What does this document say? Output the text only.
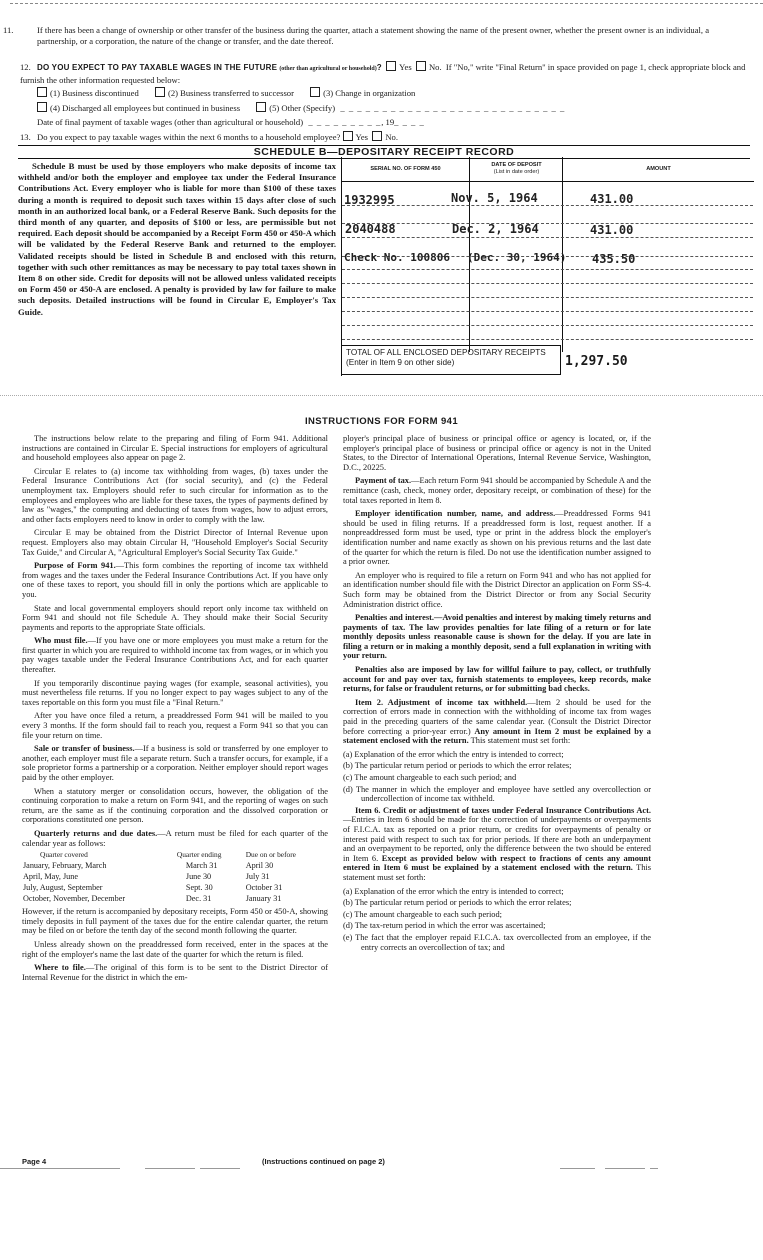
11.	If there has been a change of ownership or other transfer of the business during the quarter, attach a statement showing the name of the present owner, whether the present owner is an individual, a partnership, or a corporation, the nature of the change or transfer, and the date thereof.
12. DO YOU EXPECT TO PAY TAXABLE WAGES IN THE FUTURE (other than agricultural or household)? Yes No. If "No," write "Final Return" in space provided on page 1, check appropriate block and furnish the other information requested below:
(1) Business discontinued	(2) Business transferred to successor	(3) Change in organization
(4) Discharged all employees but continued in business	(5) Other (Specify)  _ _ _ _ _ _ _ _ _ _ _ _ _ _ _ _ _ _ _ _ _ _ _ _ _ _ _
Date of final payment of taxable wages (other than agricultural or household)  _ _ _ _ _ _ _ _ _, 19_ _ _ _
13. Do you expect to pay taxable wages within the next 6 months to a household employee? Yes No.
SCHEDULE B—DEPOSITARY RECEIPT RECORD
Schedule B must be used by those employers who make deposits of income tax withheld and/or both the employer and employee tax under the Federal Insurance Contributions Act. Every employer who is liable for more than $100 of these taxes during a month is required to deposit such taxes within 15 days after close of such month in an authorized local bank, or a Federal Reserve Bank. Such deposits for the third month of any quarter, and deposits of $100 or less, are permissible but not required. Each deposit should be accompanied by a Receipt Form 450 or 450-A which will be validated by the Federal Reserve Bank and returned to the employer. Validated receipts should be listed in Schedule B and enclosed with this return, together with such other remittances as may be necessary to pay total taxes shown in Item 8 on other side. Credit for deposits will not be allowed unless validated receipts on Form 450 or 450-A are enclosed. A penalty is provided by law for failure to make such deposits. Detailed instructions will be found in Circular E, Employer's Tax Guide.
SERIAL NO. OF FORM 450
DATE OF DEPOSIT
(List in date order)
AMOUNT
1932995	Nov. 5, 1964	431.00
2040488	Dec. 2, 1964	431.00
Check No. 100806 (Dec. 30, 1964) 435.50
TOTAL OF ALL ENCLOSED DEPOSITARY RECEIPTS (Enter in Item 9 on other side)	1,297.50
INSTRUCTIONS FOR FORM 941

The instructions below relate to the preparing and filing of Form 941. Additional instructions are contained in Circular E. Special instructions for employers of agricultural and household employees also appear on page 2.

Circular E relates to (a) income tax withholding from wages, (b) taxes under the Federal Insurance Contributions Act (for social security), and (c) the Federal unemployment tax. Employers should refer to such circular for information as to the employees and employees who are liable for these taxes, the types of payments defined by law as "wages," the computing and deducting of taxes from wages, how to adjust errors, and other facts employers need to know in order to comply with the law.

Circular E may be obtained from the District Director of Internal Revenue upon request. Employers also may obtain Circular H, "Household Employer's Social Security Tax Guide," and Circular A, "Agricultural Employer's Social Security Tax Guide."

Purpose of Form 941.—This form combines the reporting of income tax withheld from wages and the taxes under the Federal Insurance Contributions Act. If you have only one of these taxes to report, you should fill in only the portions which are applicable to you.

State and local governmental employers should report only income tax withheld on Form 941 and should not file Schedule A. They should make their Social Security payments and reports to the appropriate State officials.

Who must file.—If you have one or more employees you must make a return for the first quarter in which you are required to withhold income tax from wages, or in which you pay wages taxable under the Federal Insurance Contributions Act, and for each quarter thereafter.

If you temporarily discontinue paying wages (for example, seasonal activities), you must nevertheless file returns. If you no longer expect to pay wages subject to any of the taxes reportable on this form you must file a "Final Return."

After you have once filed a return, a preaddressed Form 941 will be mailed to you every 3 months. If the form should fail to reach you, request a Form 941 so that you can file your return on time.

Sale or transfer of business.—If a business is sold or transferred by one employer to another, each employer must file a separate return. Such a transfer occurs, for example, if a sole proprietor forms a partnership or a corporation. Neither employer should report wages paid by the other employer.

When a statutory merger or consolidation occurs, however, the obligation of the continuing corporation to make a return on Form 941, and the reporting of wages on such return, are the same as if the continuing corporation and the dissolved corporation or corporations constituted one person.

Quarterly returns and due dates.—A return must be filed for each quarter of the calendar year as follows:

Quarter covered	Quarter ending	Due on or before
January, February, March	March 31	April 30
April, May, June	June 30	July 31
July, August, September	Sept. 30	October 31
October, November, December	Dec. 31	January 31

However, if the return is accompanied by depositary receipts, Form 450 or 450-A, showing timely deposits in full payment of the taxes due for the entire calendar quarter, the return may be filed on or before the tenth day of the second month following the quarter.

Unless already shown on the preaddressed form received, enter in the spaces at the right of the employer's name the last date of the quarter for which the return is filed.

Where to file.—The original of this form is to be sent to the District Director of Internal Revenue for the district in which the em-

ployer's principal place of business or principal office or agency is located, or, if the employer's principal place of business or principal office or agency is not in the United States, to the Director of International Operations, Internal Revenue Service, Washington, D.C., 20225.

Payment of tax.—Each return Form 941 should be accompanied by Schedule A and the remittance (cash, check, money order, depositary receipt, or combination of these) for the total taxes reported in Item 8.

Employer identification number, name, and address.—Preaddressed Forms 941 should be used in filing returns. If a preaddressed form is lost, request another. If a nonpreaddressed form must be used, type or print in the address block the employer's identification number and name exactly as shown on his previous returns and the last date of the quarter for which the return is filed. Do not use the identification number assigned to a prior owner.

An employer who is required to file a return on Form 941 and who has not applied for an identification number should file with the District Director an application on Form SS-4. Such form may be obtained from the District Director or from any Social Security Administration district office.

Penalties and interest.—Avoid penalties and interest by making timely returns and payments of tax. The law provides penalties for late filing of a return or for late monthly deposits unless reasonable cause is shown for the delay. If you are late in filing a return or in making a monthly deposit, send a full explanation in writing with your return.

Penalties also are imposed by law for willful failure to pay, collect, or truthfully account for and pay over tax, furnish statements to employees, keep records, make returns, for false or fraudulent returns, or for submitting bad checks.

Item 2. Adjustment of income tax withheld.—Item 2 should be used for the correction of errors made in connection with the withholding of income tax from wages paid in the preceding quarters of the same calendar year. (Consult the District Director before correcting a prior-year error.) Any amount in Item 2 must be explained by a statement enclosed with the return. This statement must set forth:

(a) Explanation of the error which the entry is intended to correct;
(b) The particular return period or periods to which the error relates;
(c) The amount chargeable to each such period; and
(d) The manner in which the employer and employee have settled any overcollection or undercollection of income tax withheld.

Item 6. Credit or adjustment of taxes under Federal Insurance Contributions Act.—Entries in Item 6 should be made for the correction of underpayments or overpayments of F.I.C.A. tax as reported on a prior return, or credits for overpayments of penalty or interest paid with respect to such tax for prior periods. If there are both an underpayment and an overpayment to be reported, only the difference between the two should be entered in Item 6. Except as provided below with respect to fractions of cents any amount entered in Item 6 must be explained by a statement enclosed with the return. This statement must set forth:

(a) Explanation of the error which the entry is intended to correct;
(b) The particular return period or periods to which the error relates;
(c) The amount chargeable to each such period;
(d) The tax-return period in which the error was ascertained;
(e) The fact that the employer repaid F.I.C.A. tax overcollected from an employee, if the entry corrects an overcollection of tax; and
Page 4	(Instructions continued on page 2)
